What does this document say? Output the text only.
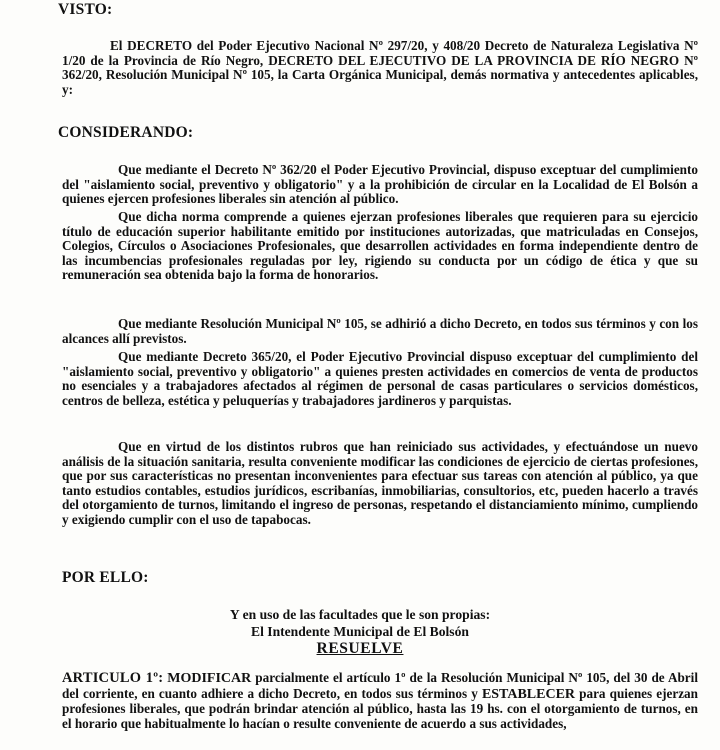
VISTO:

El DECRETO del Poder Ejecutivo Nacional Nº 297/20, y 408/20 Decreto de Naturaleza Legislativa Nº 1/20 de la Provincia de Río Negro, DECRETO DEL EJECUTIVO DE LA PROVINCIA DE RÍO NEGRO Nº 362/20, Resolución Municipal Nº 105, la Carta Orgánica Municipal, demás normativa y antecedentes aplicables, y:

CONSIDERANDO:

Que mediante el Decreto Nº 362/20 el Poder Ejecutivo Provincial, dispuso exceptuar del cumplimiento del "aislamiento social, preventivo y obligatorio" y a la prohibición de circular en la Localidad de El Bolsón a quienes ejercen profesiones liberales sin atención al público.

Que dicha norma comprende a quienes ejerzan profesiones liberales que requieren para su ejercicio título de educación superior habilitante emitido por instituciones autorizadas, que matriculadas en Consejos, Colegios, Círculos o Asociaciones Profesionales, que desarrollen actividades en forma independiente dentro de las incumbencias profesionales reguladas por ley, rigiendo su conducta por un código de ética y que su remuneración sea obtenida bajo la forma de honorarios.

Que mediante Resolución Municipal Nº 105, se adhirió a dicho Decreto, en todos sus términos y con los alcances allí previstos.

Que mediante Decreto 365/20, el Poder Ejecutivo Provincial dispuso exceptuar del cumplimiento del "aislamiento social, preventivo y obligatorio" a quienes presten actividades en comercios de venta de productos no esenciales y a trabajadores afectados al régimen de personal de casas particulares o servicios domésticos, centros de belleza, estética y peluquerías y trabajadores jardineros y parquistas.

Que en virtud de los distintos rubros que han reiniciado sus actividades, y efectuándose un nuevo análisis de la situación sanitaria, resulta conveniente modificar las condiciones de ejercicio de ciertas profesiones, que por sus características no presentan inconvenientes para efectuar sus tareas con atención al público, ya que tanto estudios contables, estudios jurídicos, escribanías, inmobiliarias, consultorios, etc, pueden hacerlo a través del otorgamiento de turnos, limitando el ingreso de personas, respetando el distanciamiento mínimo, cumpliendo y exigiendo cumplir con el uso de tapabocas.

POR ELLO:

Y en uso de las facultades que le son propias:

El Intendente Municipal de El Bolsón

RESUELVE

ARTICULO 1º: MODIFICAR parcialmente el artículo 1º de la Resolución Municipal Nº 105, del 30 de Abril del corriente, en cuanto adhiere a dicho Decreto, en todos sus términos y ESTABLECER para quienes ejerzan profesiones liberales, que podrán brindar atención al público, hasta las 19 hs. con el otorgamiento de turnos, en el horario que habitualmente lo hacían o resulte conveniente de acuerdo a sus actividades,
